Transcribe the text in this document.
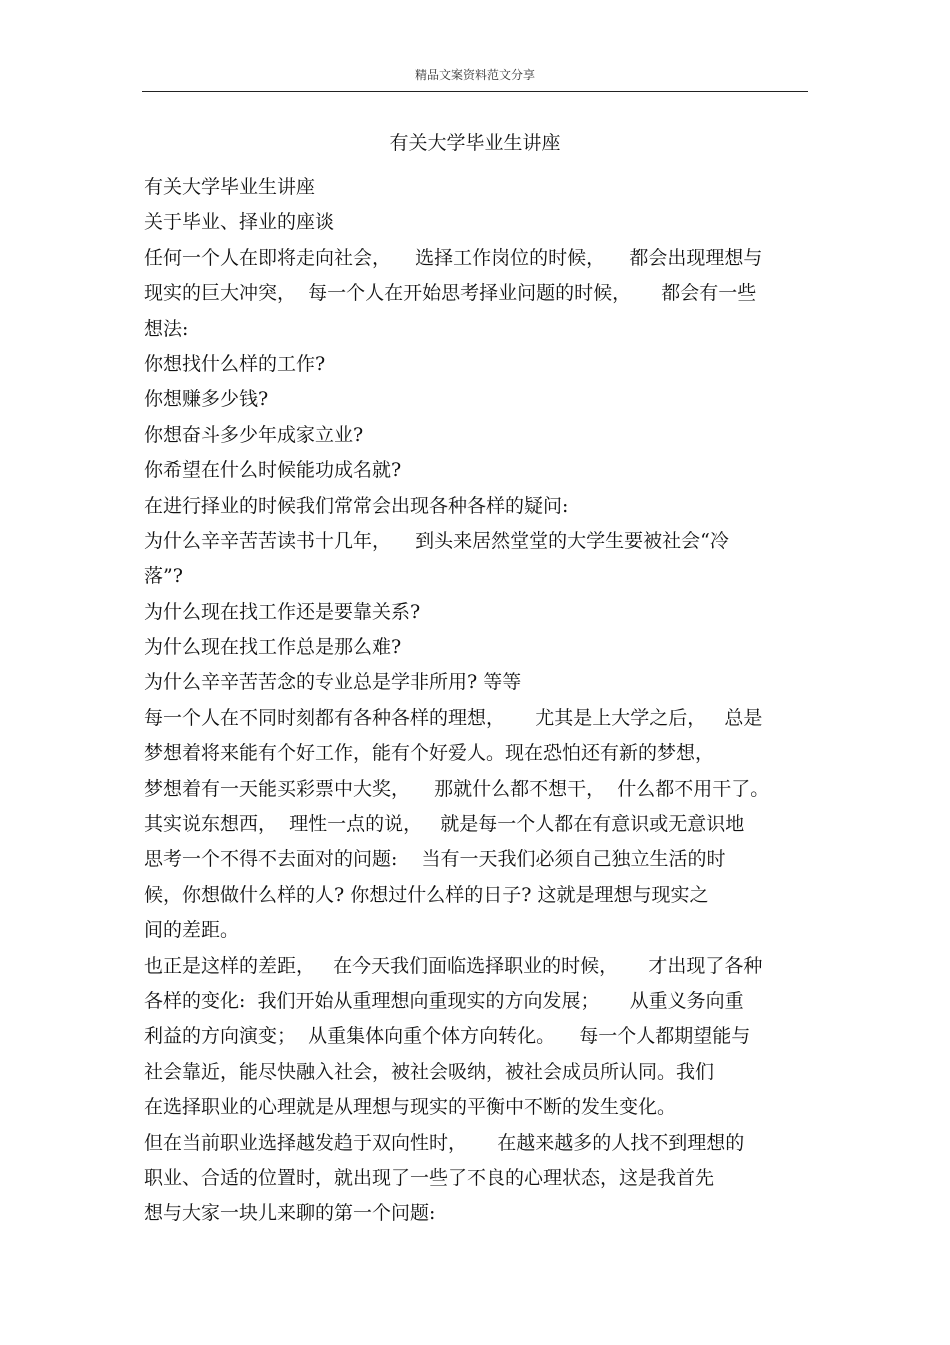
精品文案资料范文分享
有关大学毕业生讲座
有关大学毕业生讲座
关于毕业、择业的座谈
任何一个人在即将走向社会，    选择工作岗位的时候，    都会出现理想与
现实的巨大冲突，  每一个人在开始思考择业问题的时候，     都会有一些
想法:
你想找什么样的工作?
你想赚多少钱?
你想奋斗多少年成家立业?
你希望在什么时候能功成名就?
在进行择业的时候我们常常会出现各种各样的疑问:
为什么辛辛苦苦读书十几年，    到头来居然堂堂的大学生要被社会“冷
落”?
为什么现在找工作还是要靠关系?
为什么现在找工作总是那么难?
为什么辛辛苦苦念的专业总是学非所用? 等等
每一个人在不同时刻都有各种各样的理想，     尤其是上大学之后，   总是
梦想着将来能有个好工作，能有个好爱人。现在恐怕还有新的梦想，
梦想着有一天能买彩票中大奖，    那就什么都不想干，  什么都不用干了。
其实说东想西，  理性一点的说，   就是每一个人都在有意识或无意识地
思考一个不得不去面对的问题:    当有一天我们必须自己独立生活的时
候，你想做什么样的人? 你想过什么样的日子? 这就是理想与现实之
间的差距。
也正是这样的差距，   在今天我们面临选择职业的时候，     才出现了各种
各样的变化:  我们开始从重理想向重现实的方向发展；     从重义务向重
利益的方向演变；  从重集体向重个体方向转化。    每一个人都期望能与
社会靠近，能尽快融入社会，被社会吸纳，被社会成员所认同。我们
在选择职业的心理就是从理想与现实的平衡中不断的发生变化。
但在当前职业选择越发趋于双向性时，     在越来越多的人找不到理想的
职业、合适的位置时，就出现了一些了不良的心理状态，这是我首先
想与大家一块儿来聊的第一个问题:
